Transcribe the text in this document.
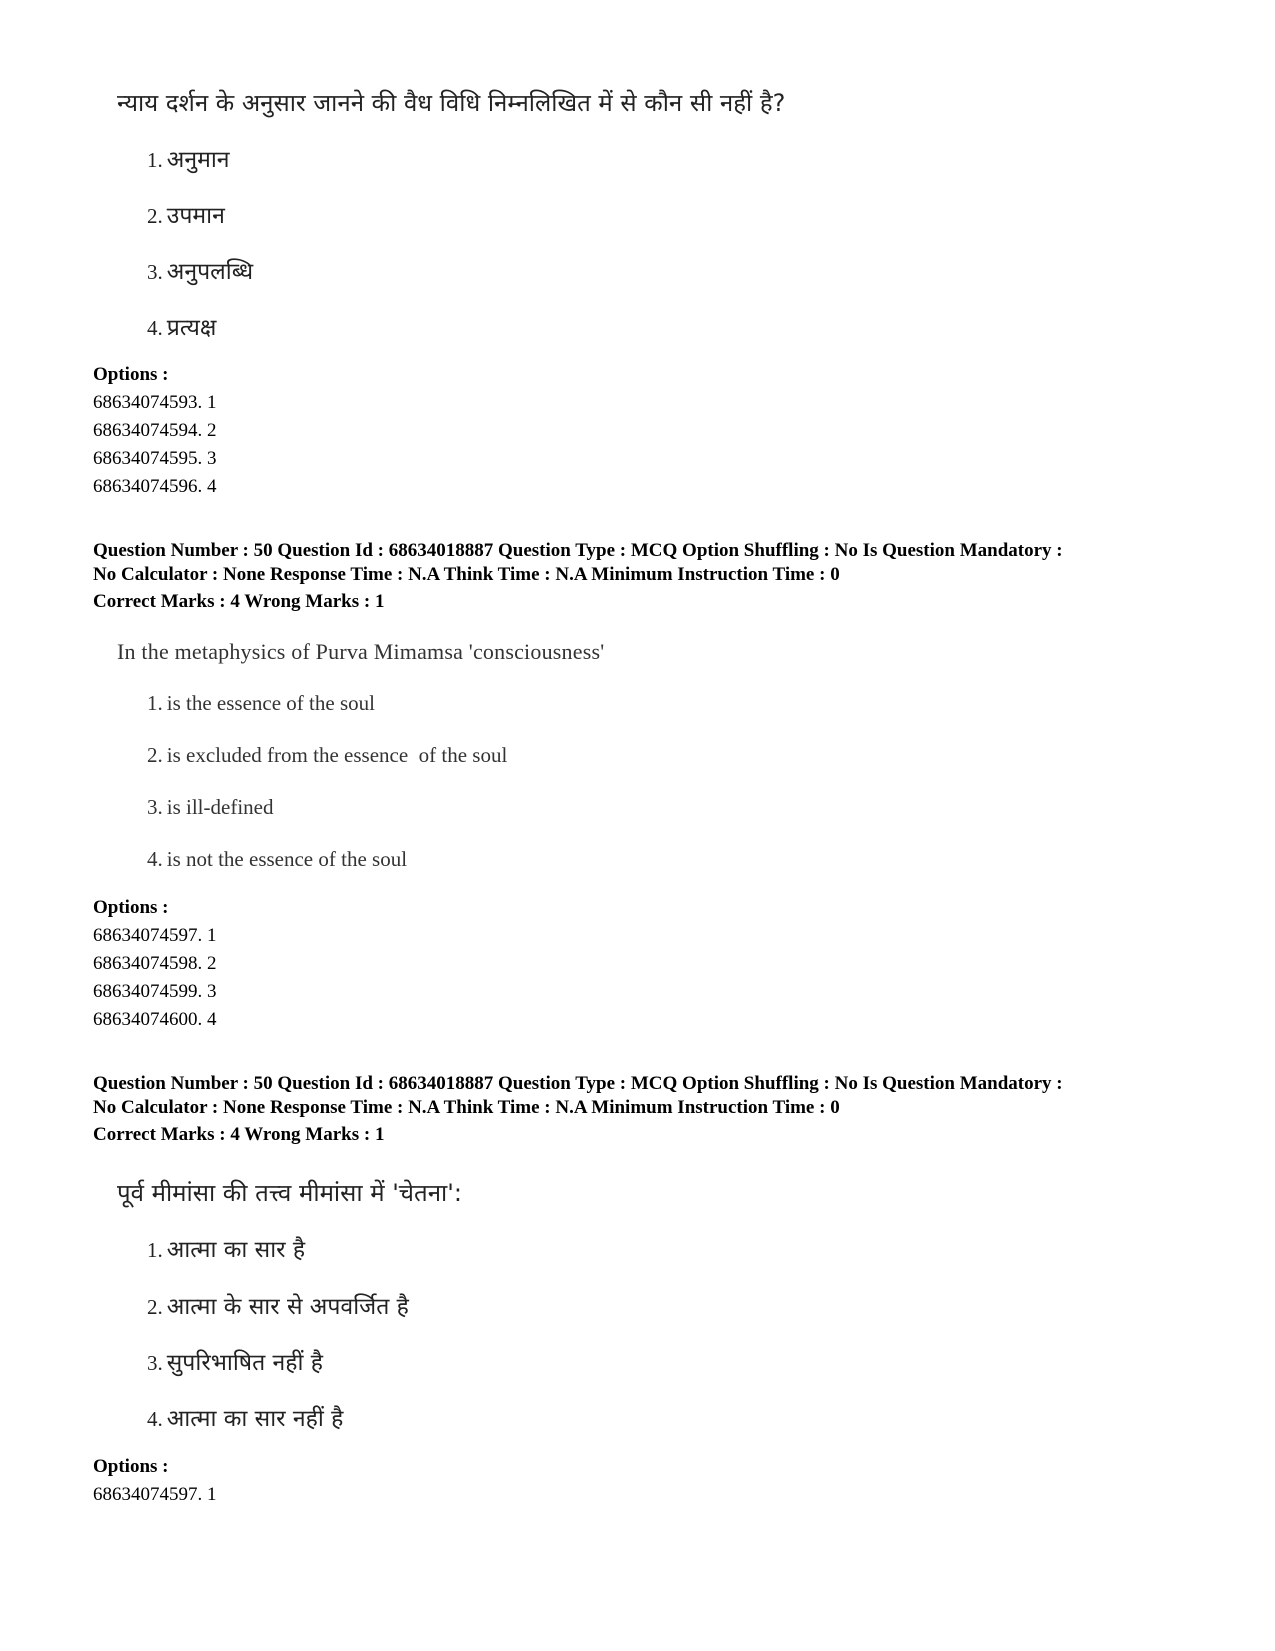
न्याय दर्शन के अनुसार जानने की वैध विधि निम्नलिखित में से कौन सी नहीं है?
1. अनुमान
2. उपमान
3. अनुपलब्धि
4. प्रत्यक्ष
Options :
68634074593. 1
68634074594. 2
68634074595. 3
68634074596. 4
Question Number : 50 Question Id : 68634018887 Question Type : MCQ Option Shuffling : No Is Question Mandatory :
No Calculator : None Response Time : N.A Think Time : N.A Minimum Instruction Time : 0
Correct Marks : 4 Wrong Marks : 1
In the metaphysics of Purva Mimamsa 'consciousness'
1. is the essence of the soul
2. is excluded from the essence  of the soul
3. is ill-defined
4. is not the essence of the soul
Options :
68634074597. 1
68634074598. 2
68634074599. 3
68634074600. 4
Question Number : 50 Question Id : 68634018887 Question Type : MCQ Option Shuffling : No Is Question Mandatory :
No Calculator : None Response Time : N.A Think Time : N.A Minimum Instruction Time : 0
Correct Marks : 4 Wrong Marks : 1
पूर्व मीमांसा की तत्त्व मीमांसा में 'चेतना':
1. आत्मा का सार है
2. आत्मा के सार से अपवर्जित है
3. सुपरिभाषित नहीं है
4. आत्मा का सार नहीं है
Options :
68634074597. 1
